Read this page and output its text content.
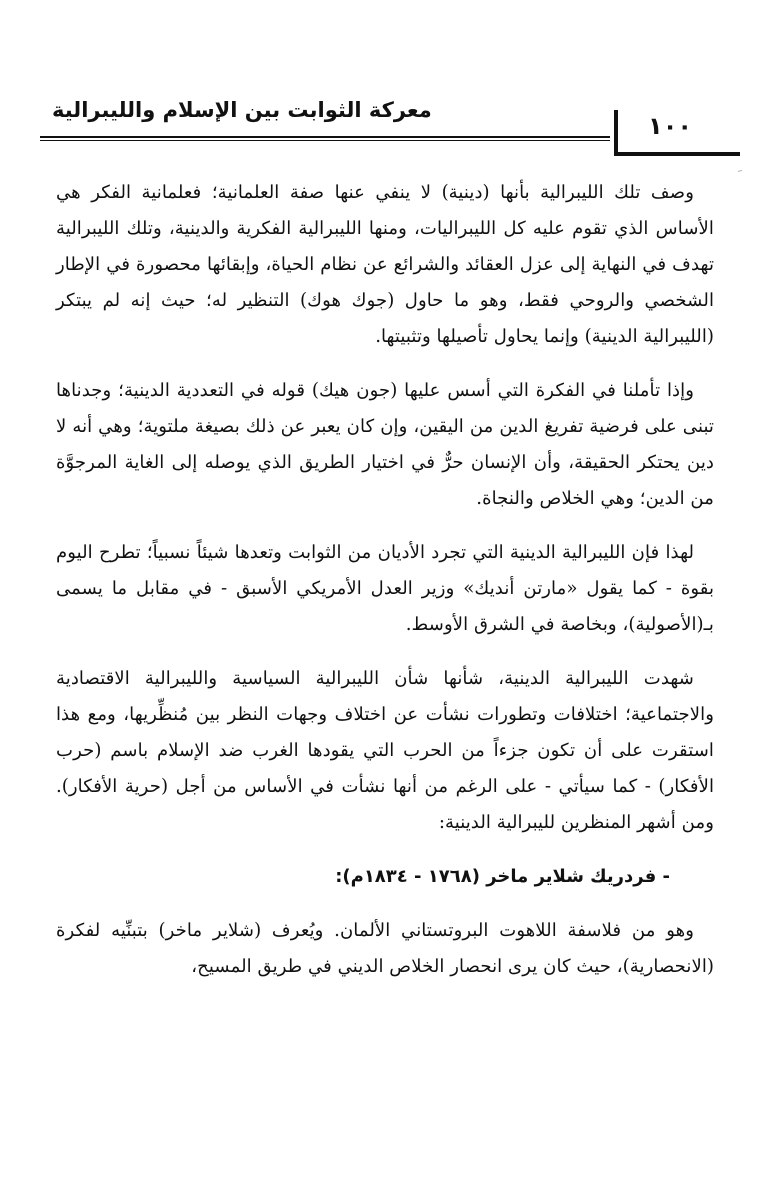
معركة الثوابت بين الإسلام والليبرالية
١٠٠
ﹶ

وصف تلك الليبرالية بأنها (دينية) لا ينفي عنها صفة العلمانية؛ فعلمانية الفكر هي الأساس الذي تقوم عليه كل الليبراليات، ومنها الليبرالية الفكرية والدينية، وتلك الليبرالية تهدف في النهاية إلى عزل العقائد والشرائع عن نظام الحياة، وإبقائها محصورة في الإطار الشخصي والروحي فقط، وهو ما حاول (جوك هوك) التنظير له؛ حيث إنه لم يبتكر (الليبرالية الدينية) وإنما يحاول تأصيلها وتثبيتها.

وإذا تأملنا في الفكرة التي أسس عليها (جون هيك) قوله في التعددية الدينية؛ وجدناها تبنى على فرضية تفريغ الدين من اليقين، وإن كان يعبر عن ذلك بصيغة ملتوية؛ وهي أنه لا دين يحتكر الحقيقة، وأن الإنسان حرٌّ في اختيار الطريق الذي يوصله إلى الغاية المرجوَّة من الدين؛ وهي الخلاص والنجاة.

لهذا فإن الليبرالية الدينية التي تجرد الأديان من الثوابت وتعدها شيئاً نسبياً؛ تطرح اليوم بقوة - كما يقول «مارتن أنديك» وزير العدل الأمريكي الأسبق - في مقابل ما يسمى بـ(الأصولية)، وبخاصة في الشرق الأوسط.

شهدت الليبرالية الدينية، شأنها شأن الليبرالية السياسية والليبرالية الاقتصادية والاجتماعية؛ اختلافات وتطورات نشأت عن اختلاف وجهات النظر بين مُنظِّريها، ومع هذا استقرت على أن تكون جزءاً من الحرب التي يقودها الغرب ضد الإسلام باسم (حرب الأفكار) - كما سيأتي - على الرغم من أنها نشأت في الأساس من أجل (حرية الأفكار). ومن أشهر المنظرين لليبرالية الدينية:

- فردريك شلاير ماخر (١٧٦٨ - ١٨٣٤م):

وهو من فلاسفة اللاهوت البروتستاني الألمان. ويُعرف (شلاير ماخر) بتبنِّيه لفكرة (الانحصارية)، حيث كان يرى انحصار الخلاص الديني في طريق المسيح،
